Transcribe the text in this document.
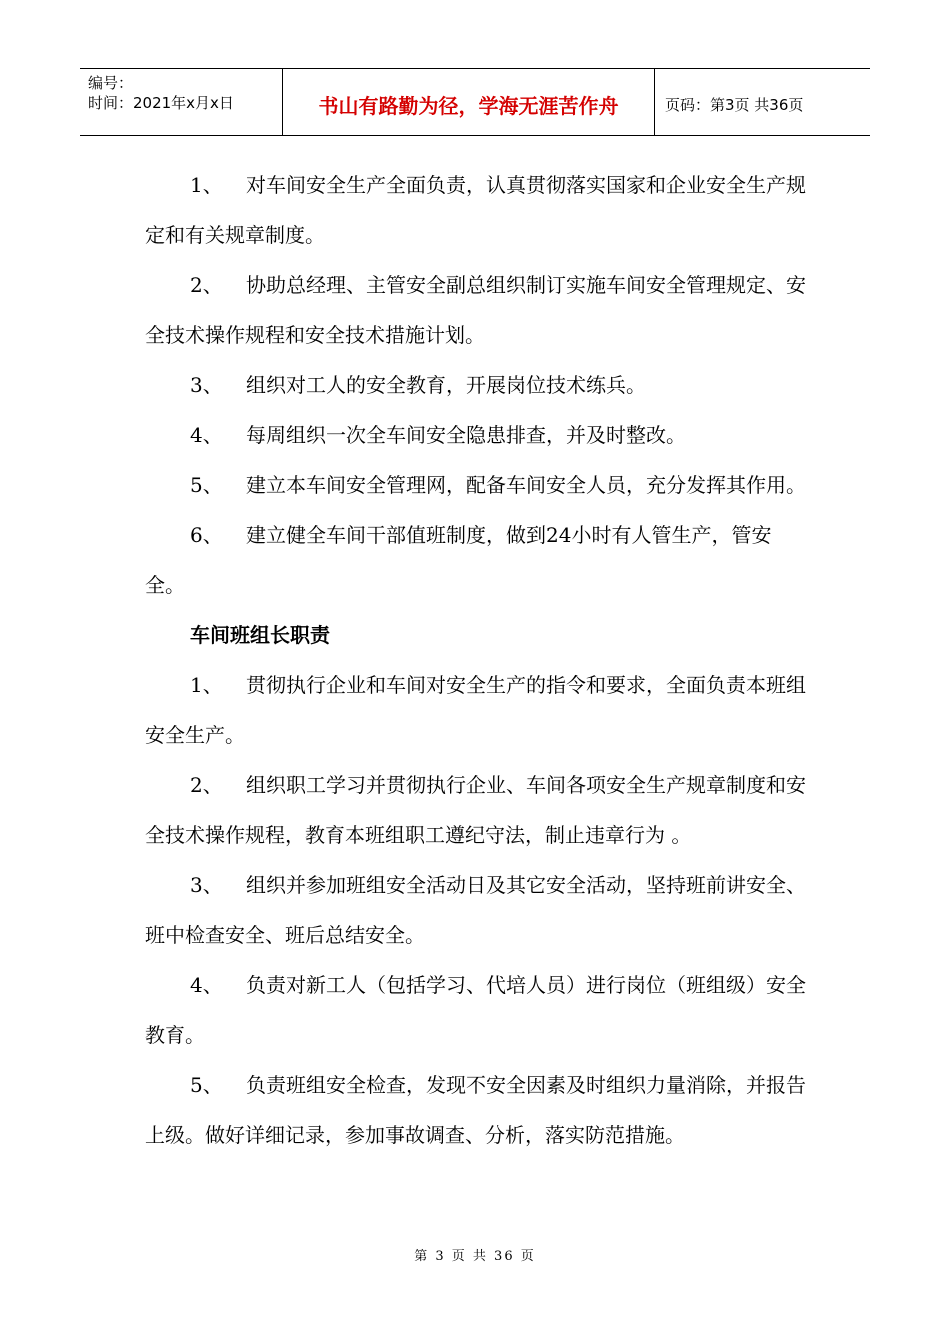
编号：
时间：2021年x月x日	书山有路勤为径，学海无涯苦作舟	页码：第3页 共36页

1、 对车间安全生产全面负责，认真贯彻落实国家和企业安全生产规定和有关规章制度。

2、 协助总经理、主管安全副总组织制订实施车间安全管理规定、安全技术操作规程和安全技术措施计划。

3、 组织对工人的安全教育，开展岗位技术练兵。

4、 每周组织一次全车间安全隐患排查，并及时整改。

5、 建立本车间安全管理网，配备车间安全人员，充分发挥其作用。

6、 建立健全车间干部值班制度，做到24小时有人管生产，管安全。

车间班组长职责

1、 贯彻执行企业和车间对安全生产的指令和要求，全面负责本班组安全生产。

2、 组织职工学习并贯彻执行企业、车间各项安全生产规章制度和安全技术操作规程，教育本班组职工遵纪守法，制止违章行为 。

3、 组织并参加班组安全活动日及其它安全活动，坚持班前讲安全、班中检查安全、班后总结安全。

4、 负责对新工人（包括学习、代培人员）进行岗位（班组级）安全教育。

5、 负责班组安全检查，发现不安全因素及时组织力量消除，并报告上级。做好详细记录，参加事故调查、分析，落实防范措施。

第 3 页 共 36 页
